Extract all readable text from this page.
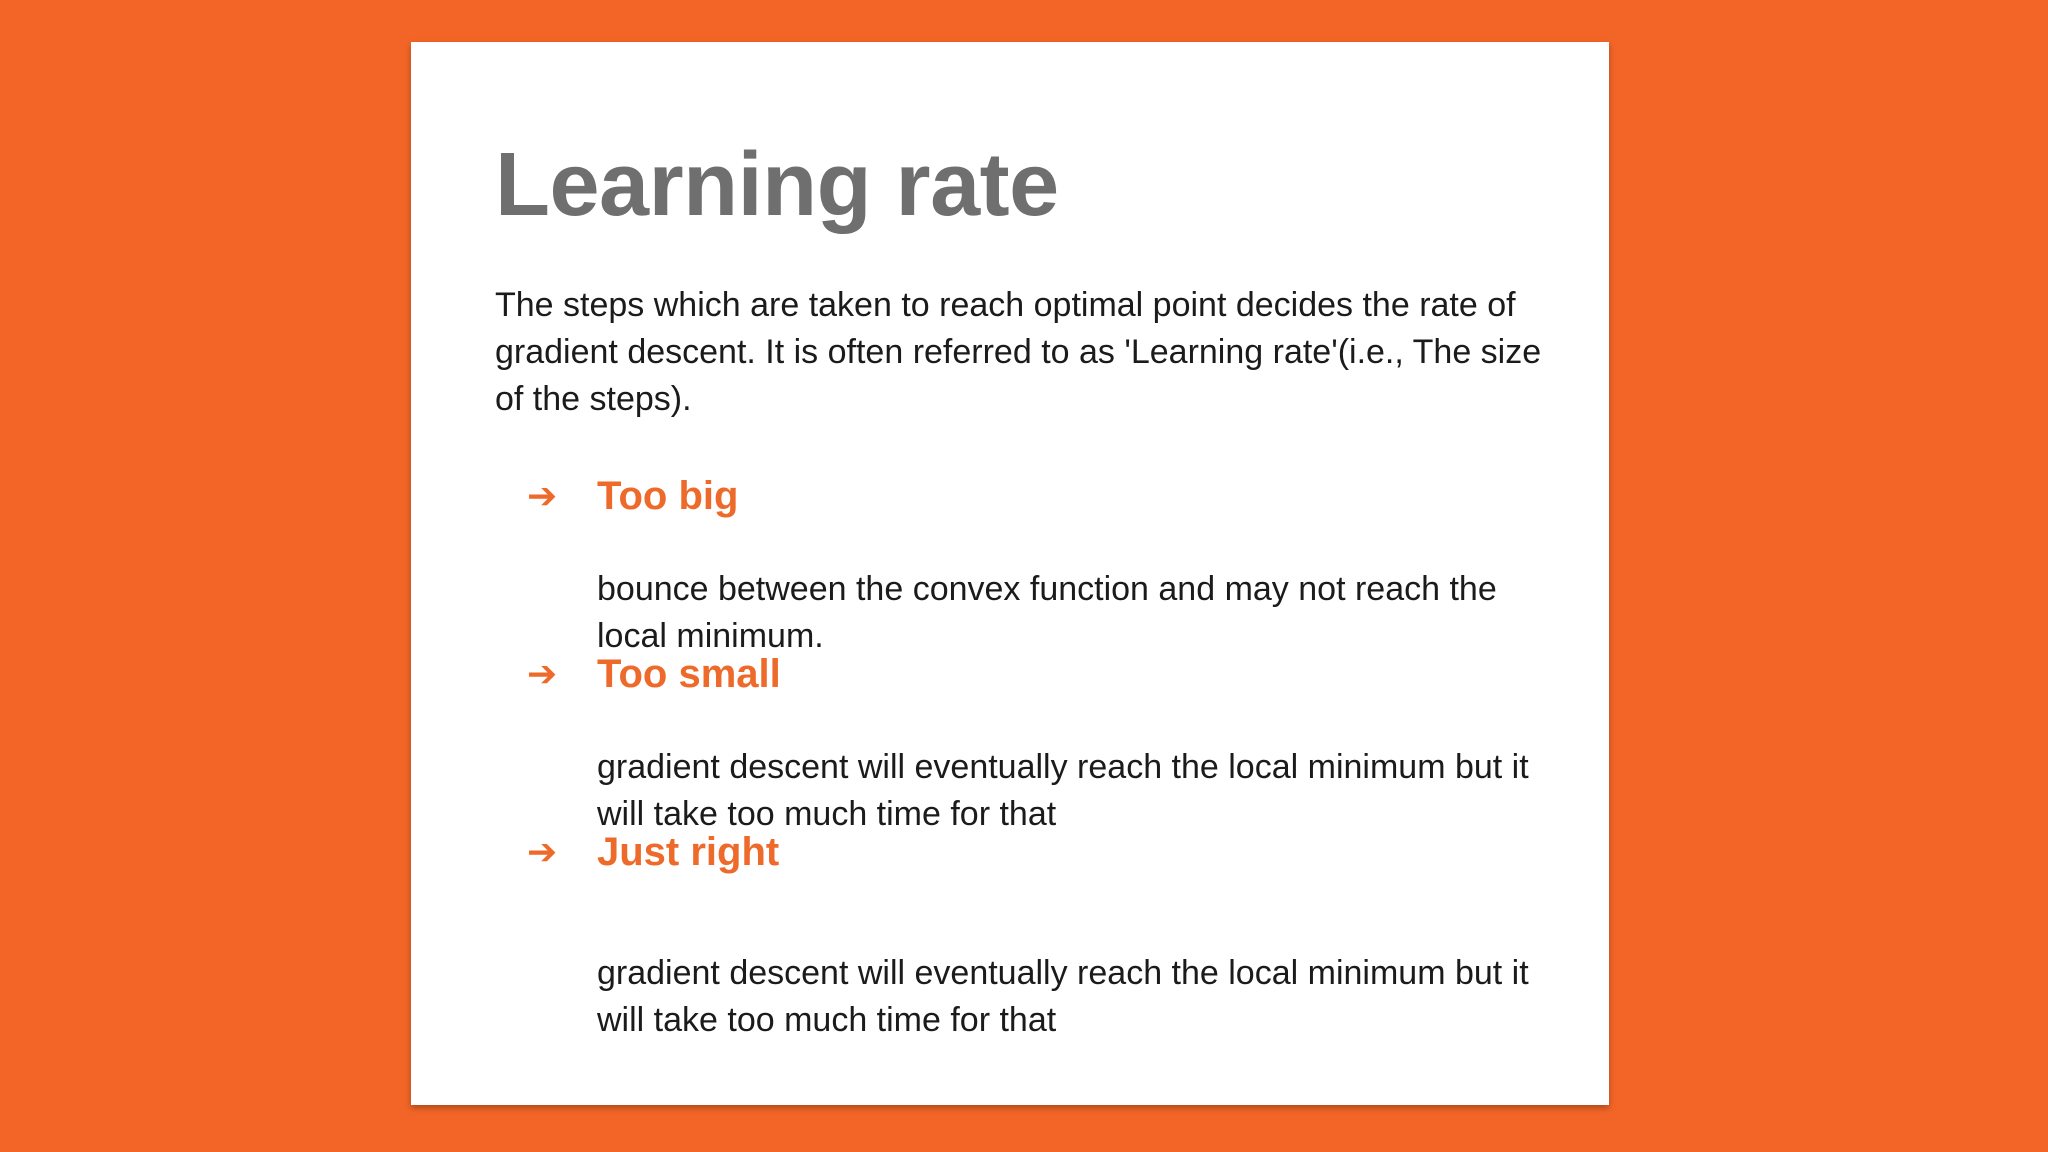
Learning rate

The steps which are taken to reach optimal point decides the rate of gradient descent. It is often referred to as 'Learning rate'(i.e., The size of the steps).

➔ Too big

bounce between the convex function and may not reach the local minimum.

➔ Too small

gradient descent will eventually reach the local minimum but it will take too much time for that

➔ Just right

gradient descent will eventually reach the local minimum but it will take too much time for that
